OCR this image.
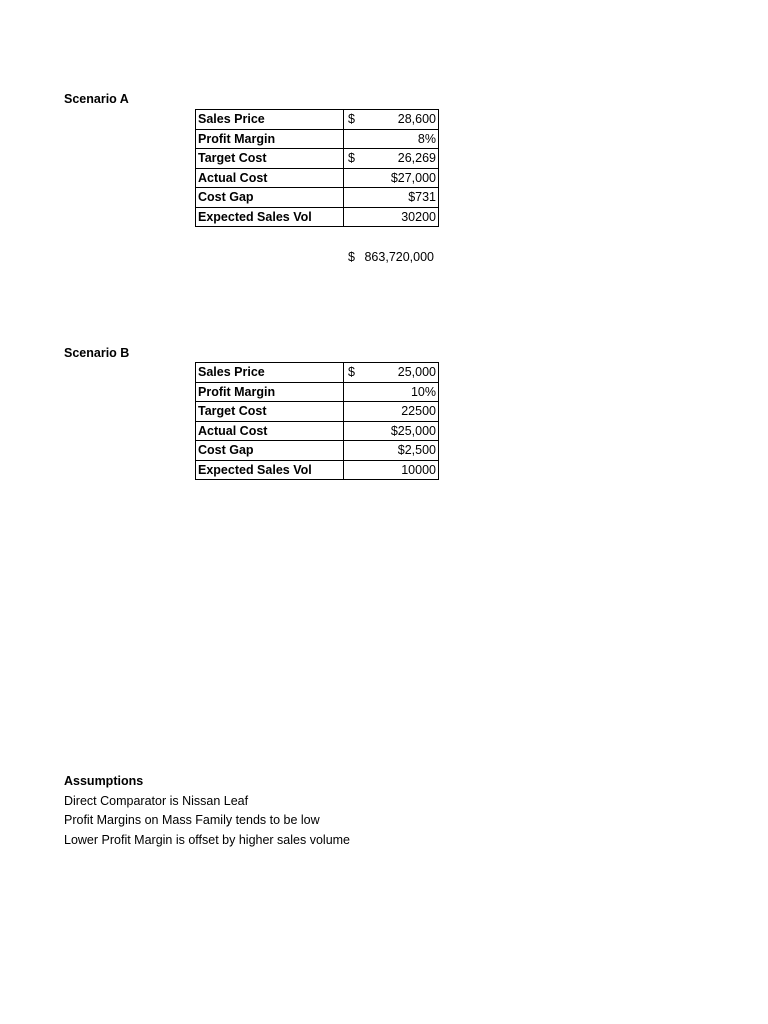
Scenario A
Sales Price	$ 28,600
Profit Margin	8%
Target Cost	$ 26,269
Actual Cost	$27,000
Cost Gap	$731
Expected Sales Vol	30200
$ 863,720,000
Scenario B
Sales Price	$ 25,000
Profit Margin	10%
Target Cost	22500
Actual Cost	$25,000
Cost Gap	$2,500
Expected Sales Vol	10000
Assumptions
Direct Comparator is Nissan Leaf
Profit Margins on Mass Family tends to be low
Lower Profit Margin is offset by higher sales volume
